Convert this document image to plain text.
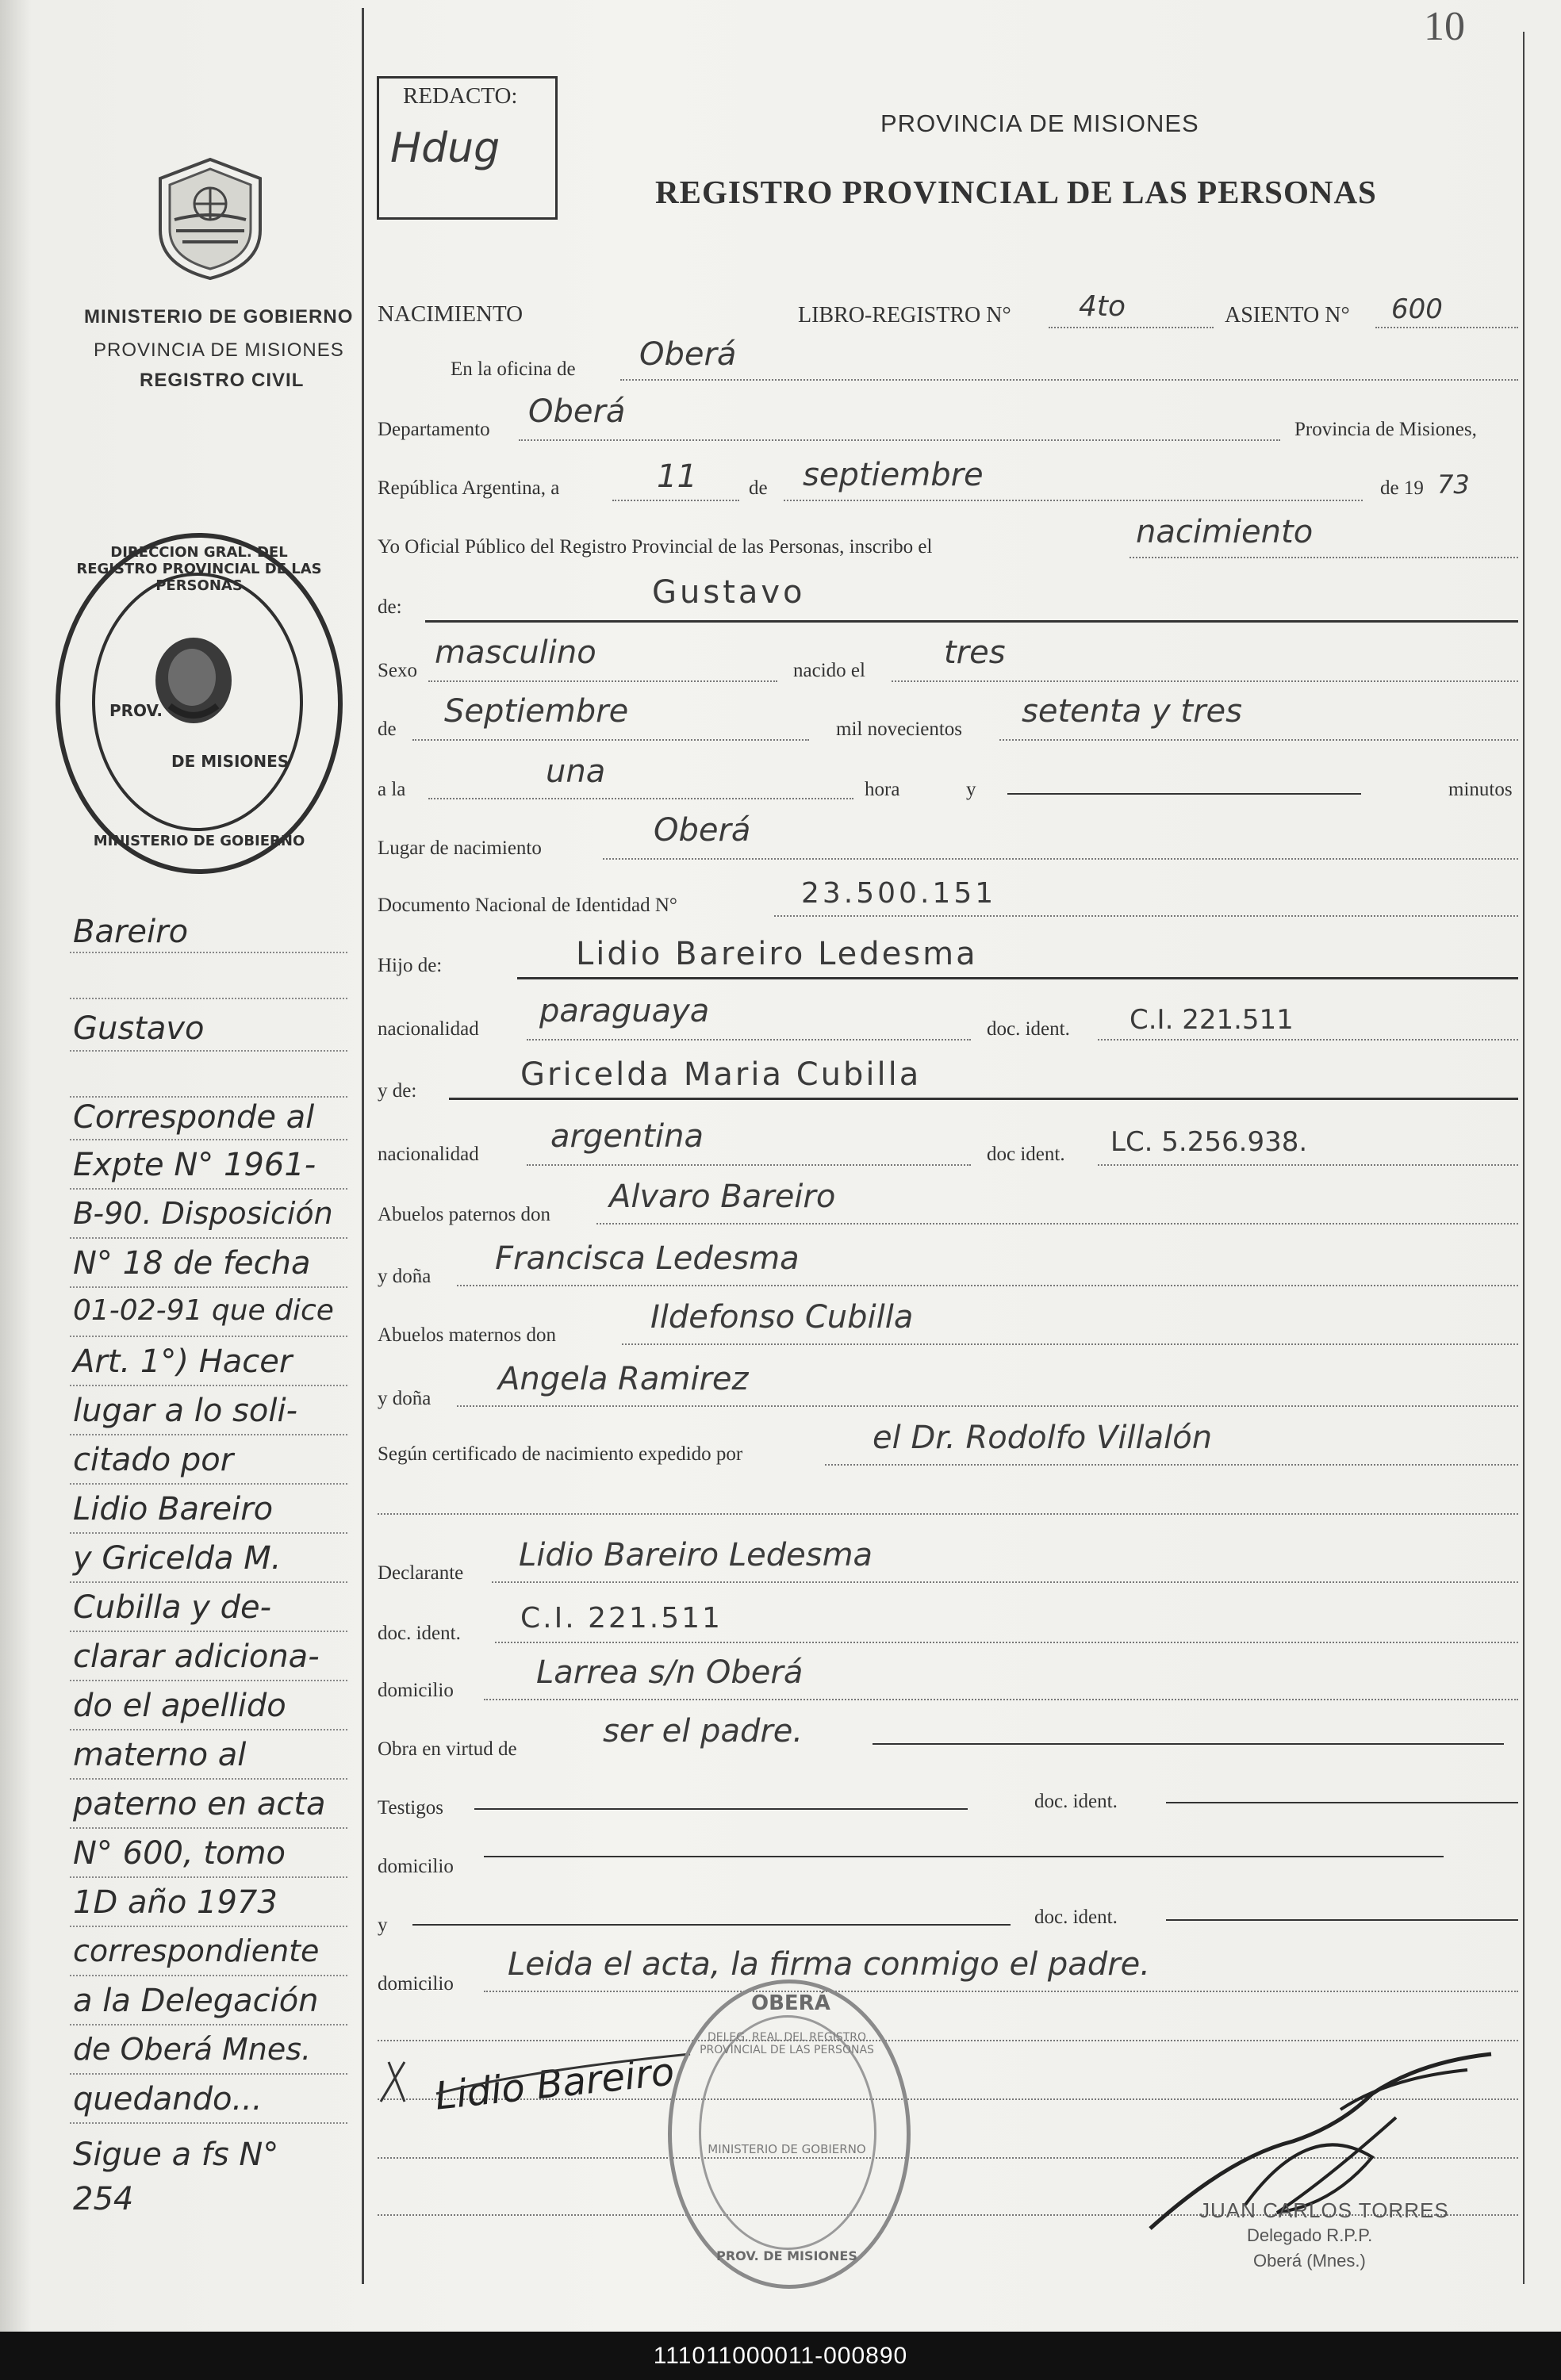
10
REDACTO:
Hdug
PROVINCIA DE MISIONES
REGISTRO PROVINCIAL DE LAS PERSONAS
MINISTERIO DE GOBIERNO
PROVINCIA DE MISIONES
REGISTRO CIVIL
DIRECCION GRAL. DEL REGISTRO PROVINCIAL DE LAS PERSONAS
PROV.
DE MISIONES
MINISTERIO DE GOBIERNO
Bareiro
Gustavo
Corresponde al
Expte N° 1961-
B-90. Disposición
N° 18 de fecha
01-02-91 que dice
Art. 1°) Hacer
lugar a lo soli-
citado por
Lidio Bareiro
y Gricelda M.
Cubilla y de-
clarar adiciona-
do el apellido
materno al
paterno en acta
N° 600, tomo
1D año 1973
correspondiente
a la Delegación
de Oberá Mnes.
quedando...
Sigue a fs N°
254
NACIMIENTO	LIBRO-REGISTRO N° 4to	ASIENTO N° 600
En la oficina de Oberá
Departamento Oberá	Provincia de Misiones,
República Argentina, a	11	de septiembre	de 19 73
Yo Oficial Público del Registro Provincial de las Personas, inscribo el	nacimiento
de:	Gustavo
Sexo masculino	nacido el tres
de Septiembre	mil novecientos setenta y tres
a la	una	hora	y	minutos
Lugar de nacimiento	Oberá
Documento Nacional de Identidad N°	23.500.151
Hijo de:	Lidio Bareiro Ledesma
nacionalidad paraguaya	doc. ident. C.I. 221.511
y de:	Gricelda Maria Cubilla
nacionalidad argentina	doc ident. LC. 5.256.938.
Abuelos paternos don Alvaro Bareiro
y doña Francisca Ledesma
Abuelos maternos don	Ildefonso Cubilla
y doña
Angela Ramirez
Según certificado de nacimiento expedido por	el Dr. Rodolfo Villalón
Declarante Lidio Bareiro Ledesma
doc. ident. C.I. 221.511
domicilio	Larrea s/n Oberá
Obra en virtud de	ser el padre.
Testigos	doc. ident.
domicilio
y	doc. ident.
domicilio
Leida el acta, la firma conmigo el padre.
Lidio Bareiro
OBERÁ
DELEG. REAL DEL REGISTRO PROVINCIAL DE LAS PERSONAS
MINISTERIO DE GOBIERNO
PROV. DE MISIONES
JUAN CARLOS TORRES
Delegado R.P.P.
Oberá (Mnes.)
111011000011-000890
